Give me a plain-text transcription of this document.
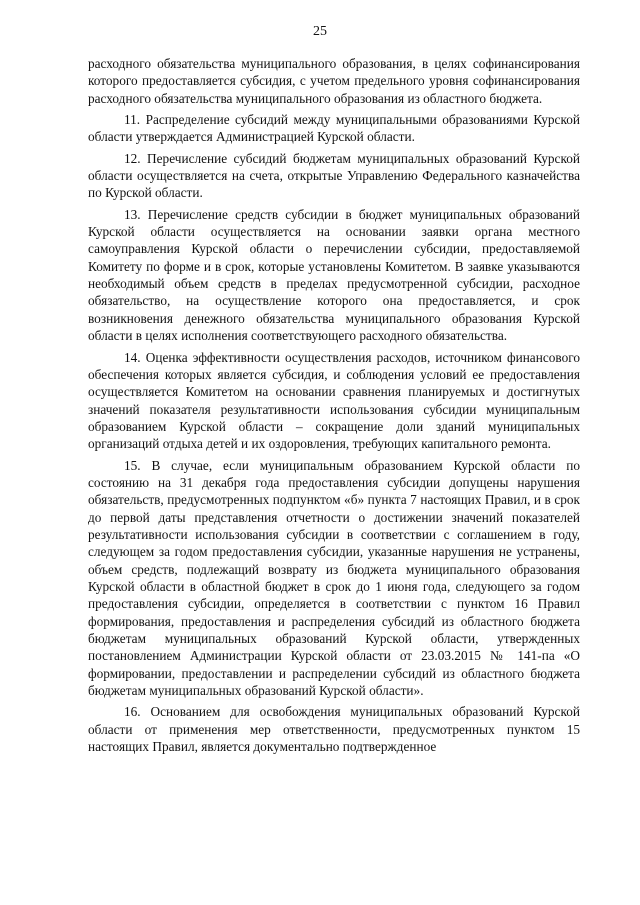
25

расходного обязательства муниципального образования, в целях софинансирования которого предоставляется субсидия, с учетом предельного уровня софинансирования расходного обязательства муниципального образования из областного бюджета.

11. Распределение субсидий между муниципальными образованиями Курской области утверждается Администрацией Курской области.

12. Перечисление субсидий бюджетам муниципальных образований Курской области осуществляется на счета, открытые Управлению Федерального казначейства по Курской области.

13. Перечисление средств субсидии в бюджет муниципальных образований Курской области осуществляется на основании заявки органа местного самоуправления Курской области о перечислении субсидии, предоставляемой Комитету по форме и в срок, которые установлены Комитетом. В заявке указываются необходимый объем средств в пределах предусмотренной субсидии, расходное обязательство, на осуществление которого она предоставляется, и срок возникновения денежного обязательства муниципального образования Курской области в целях исполнения соответствующего расходного обязательства.

14. Оценка эффективности осуществления расходов, источником финансового обеспечения которых является субсидия, и соблюдения условий ее предоставления осуществляется Комитетом на основании сравнения планируемых и достигнутых значений показателя результативности использования субсидии муниципальным образованием Курской области – сокращение доли зданий муниципальных организаций отдыха детей и их оздоровления, требующих капитального ремонта.

15. В случае, если муниципальным образованием Курской области по состоянию на 31 декабря года предоставления субсидии допущены нарушения обязательств, предусмотренных подпунктом «б» пункта 7 настоящих Правил, и в срок до первой даты представления отчетности о достижении значений показателей результативности использования субсидии в соответствии с соглашением в году, следующем за годом предоставления субсидии, указанные нарушения не устранены, объем средств, подлежащий возврату из бюджета муниципального образования Курской области в областной бюджет в срок до 1 июня года, следующего за годом предоставления субсидии, определяется в соответствии с пунктом 16 Правил формирования, предоставления и распределения субсидий из областного бюджета бюджетам муниципальных образований Курской области, утвержденных постановлением Администрации Курской области от 23.03.2015 № 141-па «О формировании, предоставлении и распределении субсидий из областного бюджета бюджетам муниципальных образований Курской области».

16. Основанием для освобождения муниципальных образований Курской области от применения мер ответственности, предусмотренных пунктом 15 настоящих Правил, является документально подтвержденное
